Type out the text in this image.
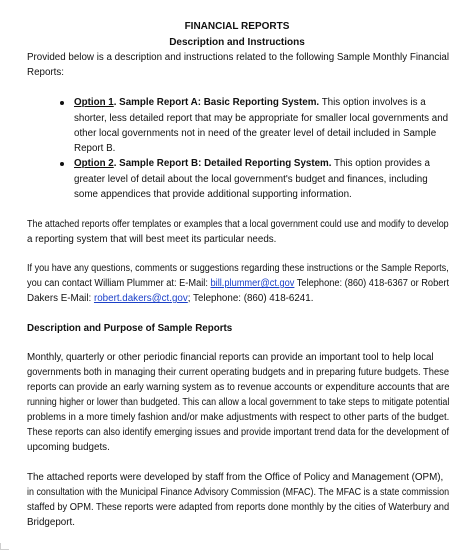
FINANCIAL REPORTS
Description and Instructions
Provided below is a description and instructions related to the following Sample Monthly Financial
Reports:
Option 1. Sample Report A: Basic Reporting System. This option involves is a
shorter, less detailed report that may be appropriate for smaller local governments and
other local governments not in need of the greater level of detail included in Sample
Report B.
Option 2. Sample Report B: Detailed Reporting System. This option provides a
greater level of detail about the local government's budget and finances, including
some appendices that provide additional supporting information.
The attached reports offer templates or examples that a local government could use and modify to develop
a reporting system that will best meet its particular needs.
If you have any questions, comments or suggestions regarding these instructions or the Sample Reports,
you can contact William Plummer at: E-Mail: bill.plummer@ct.gov Telephone: (860) 418-6367 or Robert
Dakers E-Mail: robert.dakers@ct.gov; Telephone: (860) 418-6241.
Description and Purpose of Sample Reports
Monthly, quarterly or other periodic financial reports can provide an important tool to help local
governments both in managing their current operating budgets and in preparing future budgets. These
reports can provide an early warning system as to revenue accounts or expenditure accounts that are
running higher or lower than budgeted. This can allow a local government to take steps to mitigate potential
problems in a more timely fashion and/or make adjustments with respect to other parts of the budget.
These reports can also identify emerging issues and provide important trend data for the development of
upcoming budgets.
The attached reports were developed by staff from the Office of Policy and Management (OPM),
in consultation with the Municipal Finance Advisory Commission (MFAC). The MFAC is a state commission
staffed by OPM. These reports were adapted from reports done monthly by the cities of Waterbury and
Bridgeport.
